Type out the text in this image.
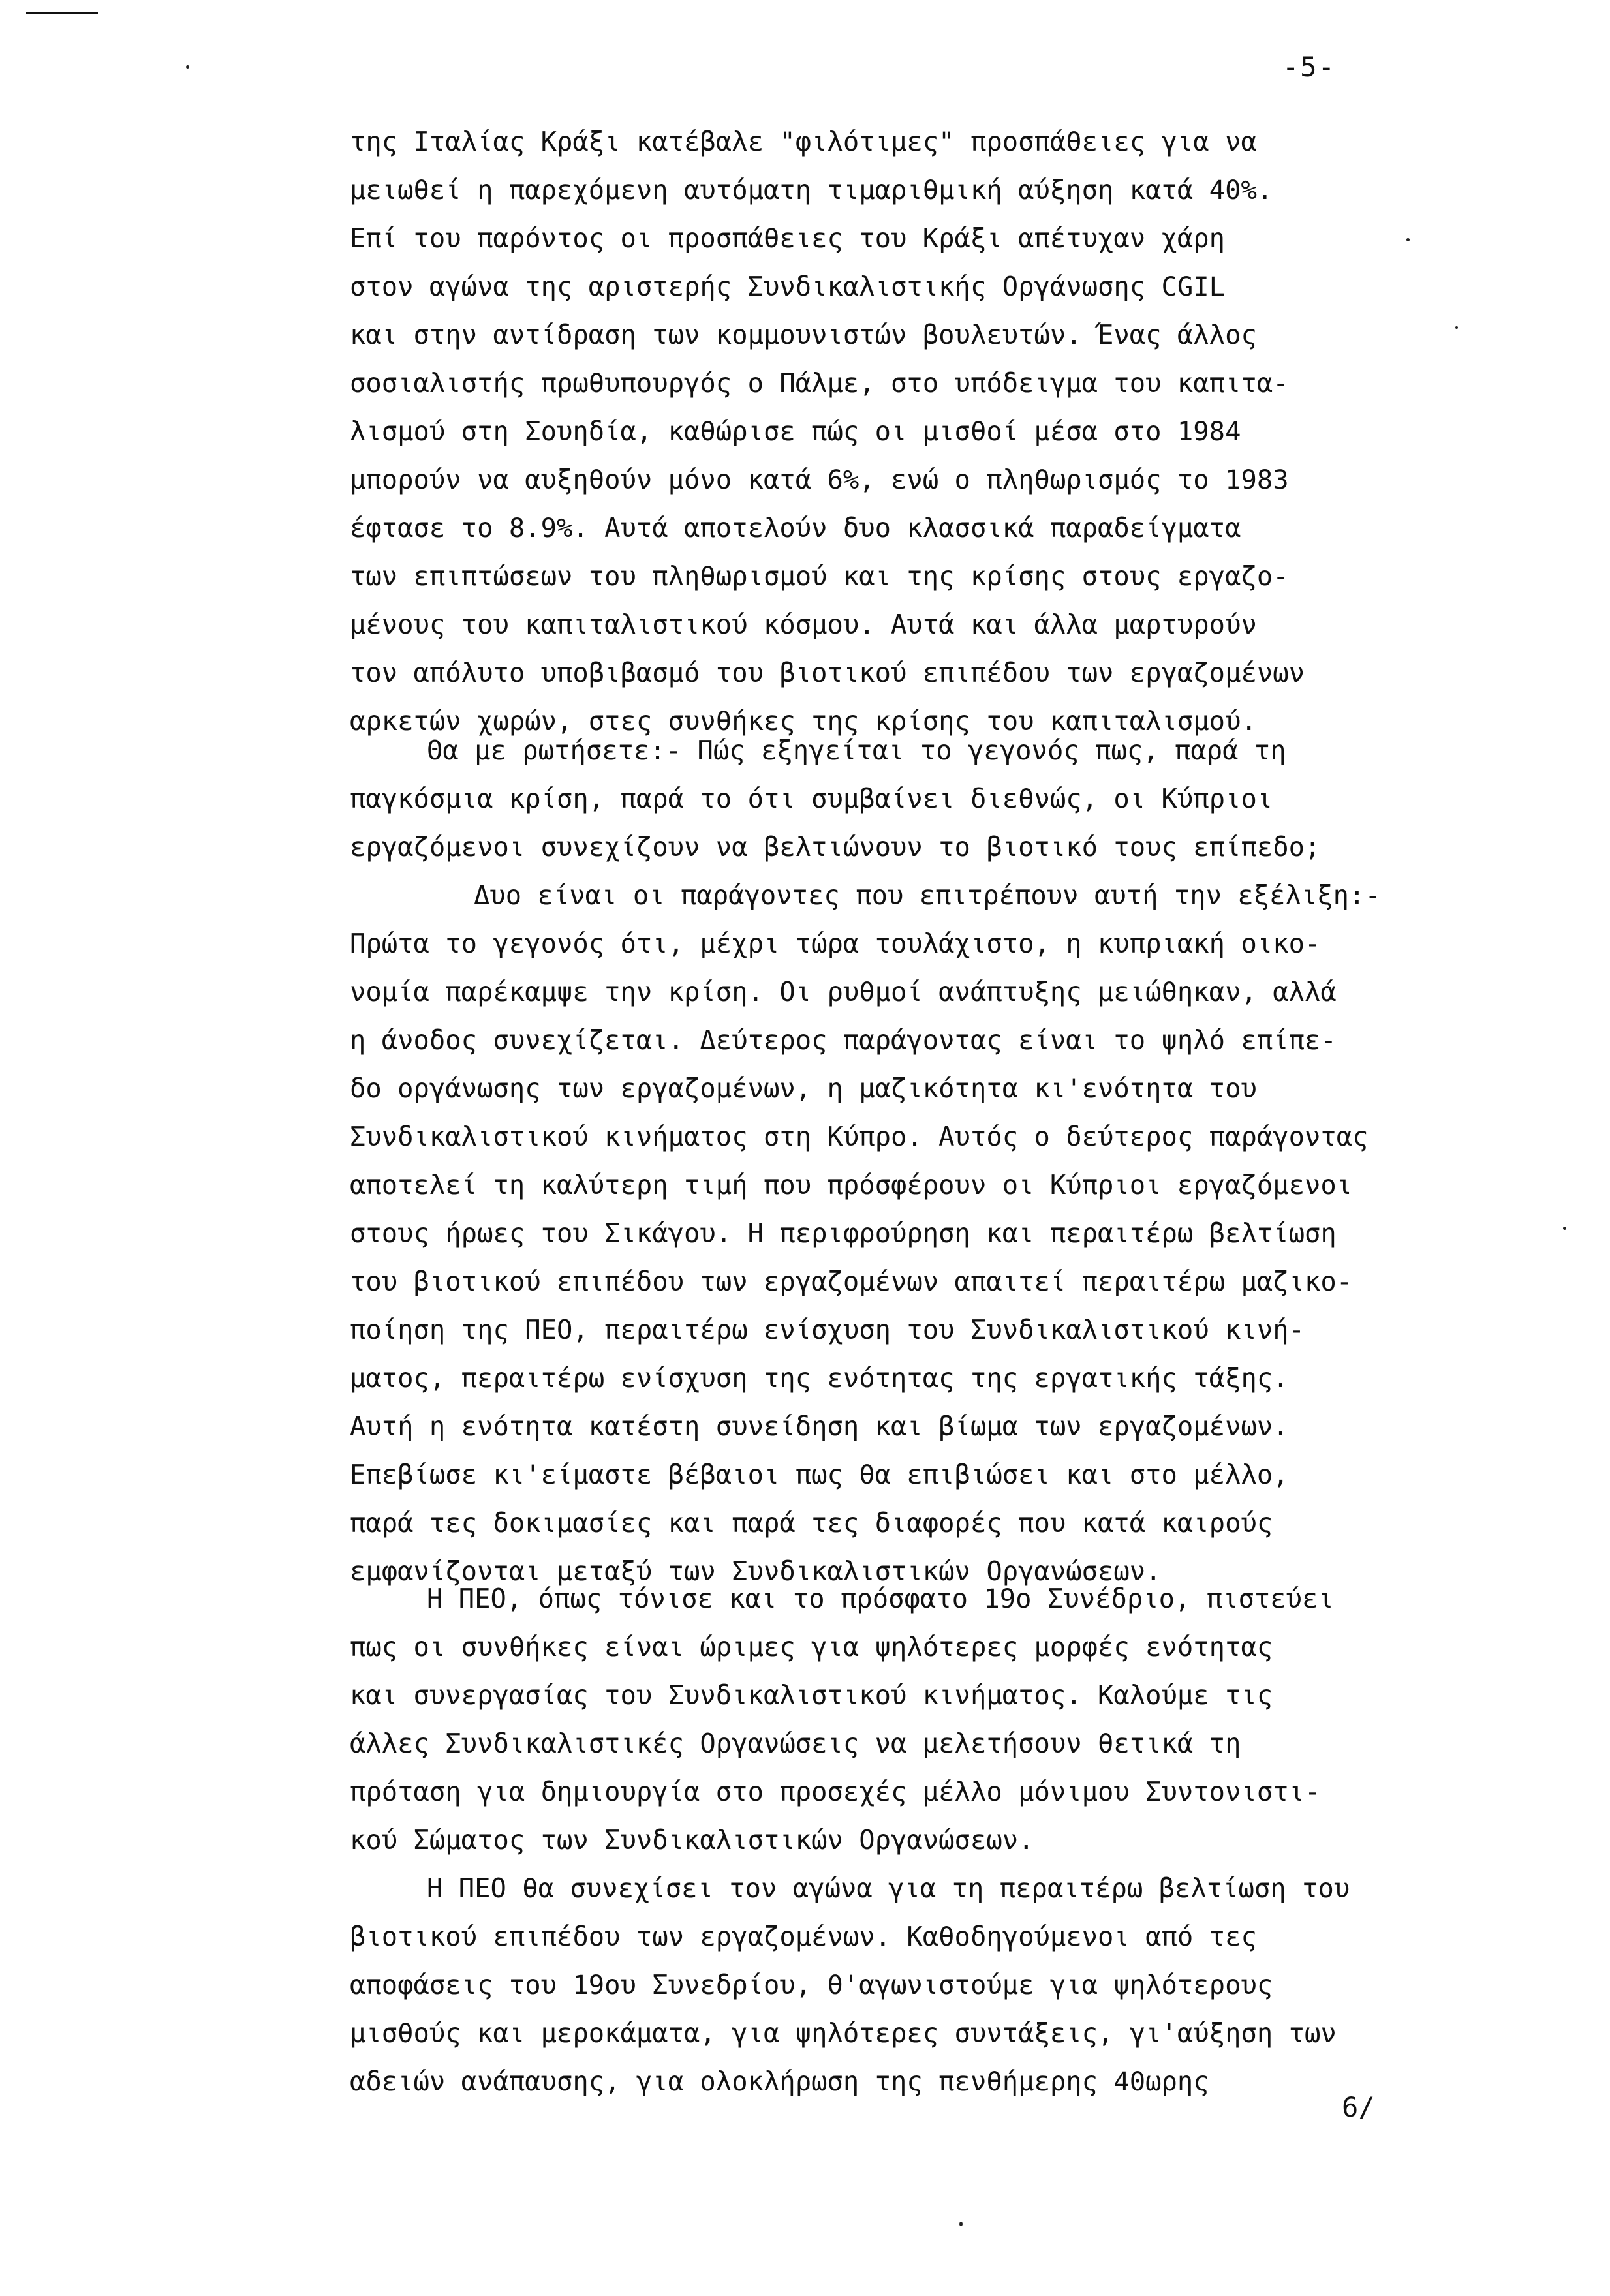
-5-
της Ιταλίας Κράξι κατέβαλε "φιλότιμες" προσπάθειες για να
μειωθεί η παρεχόμενη αυτόματη τιμαριθμική αύξηση κατά 40%.
Επί του παρόντος οι προσπάθειες του Κράξι απέτυχαν χάρη
στον αγώνα της αριστερής Συνδικαλιστικής Οργάνωσης CGIL
και στην αντίδραση των κομμουνιστών βουλευτών. Ένας άλλος
σοσιαλιστής πρωθυπουργός ο Πάλμε, στο υπόδειγμα του καπιτα-
λισμού στη Σουηδία, καθώρισε πώς οι μισθοί μέσα στο 1984
μπορούν να αυξηθούν μόνο κατά 6%, ενώ ο πληθωρισμός το 1983
έφτασε το 8.9%. Αυτά αποτελούν δυο κλασσικά παραδείγματα
των επιπτώσεων του πληθωρισμού και της κρίσης στους εργαζο-
μένους του καπιταλιστικού κόσμου. Αυτά και άλλα μαρτυρούν
τον απόλυτο υποβιβασμό του βιοτικού επιπέδου των εργαζομένων
αρκετών χωρών, στες συνθήκες της κρίσης του καπιταλισμού.
Θα με ρωτήσετε:- Πώς εξηγείται το γεγονός πως, παρά τη
παγκόσμια κρίση, παρά το ότι συμβαίνει διεθνώς, οι Κύπριοι
εργαζόμενοι συνεχίζουν να βελτιώνουν το βιοτικό τους επίπεδο;
Δυο είναι οι παράγοντες που επιτρέπουν αυτή την εξέλιξη:-
Πρώτα το γεγονός ότι, μέχρι τώρα τουλάχιστο, η κυπριακή οικο-
νομία παρέκαμψε την κρίση. Οι ρυθμοί ανάπτυξης μειώθηκαν, αλλά
η άνοδος συνεχίζεται. Δεύτερος παράγοντας είναι το ψηλό επίπε-
δο οργάνωσης των εργαζομένων, η μαζικότητα κι'ενότητα του
Συνδικαλιστικού κινήματος στη Κύπρο. Αυτός ο δεύτερος παράγοντας
αποτελεί τη καλύτερη τιμή που πρόσφέρουν οι Κύπριοι εργαζόμενοι
στους ήρωες του Σικάγου. Η περιφρούρηση και περαιτέρω βελτίωση
του βιοτικού επιπέδου των εργαζομένων απαιτεί περαιτέρω μαζικο-
ποίηση της ΠΕΟ, περαιτέρω ενίσχυση του Συνδικαλιστικού κινή-
ματος, περαιτέρω ενίσχυση της ενότητας της εργατικής τάξης.
Αυτή η ενότητα κατέστη συνείδηση και βίωμα των εργαζομένων.
Επεβίωσε κι'είμαστε βέβαιοι πως θα επιβιώσει και στο μέλλο,
παρά τες δοκιμασίες και παρά τες διαφορές που κατά καιρούς
εμφανίζονται μεταξύ των Συνδικαλιστικών Οργανώσεων.
Η ΠΕΟ, όπως τόνισε και το πρόσφατο 19ο Συνέδριο, πιστεύει
πως οι συνθήκες είναι ώριμες για ψηλότερες μορφές ενότητας
και συνεργασίας του Συνδικαλιστικού κινήματος. Καλούμε τις
άλλες Συνδικαλιστικές Οργανώσεις να μελετήσουν θετικά τη
πρόταση για δημιουργία στο προσεχές μέλλο μόνιμου Συντονιστι-
κού Σώματος των Συνδικαλιστικών Οργανώσεων.
Η ΠΕΟ θα συνεχίσει τον αγώνα για τη περαιτέρω βελτίωση του
βιοτικού επιπέδου των εργαζομένων. Καθοδηγούμενοι από τες
αποφάσεις του 19ου Συνεδρίου, θ'αγωνιστούμε για ψηλότερους
μισθούς και μεροκάματα, για ψηλότερες συντάξεις, γι'αύξηση των
αδειών ανάπαυσης, για ολοκλήρωση της πενθήμερης 40ωρης
6/
